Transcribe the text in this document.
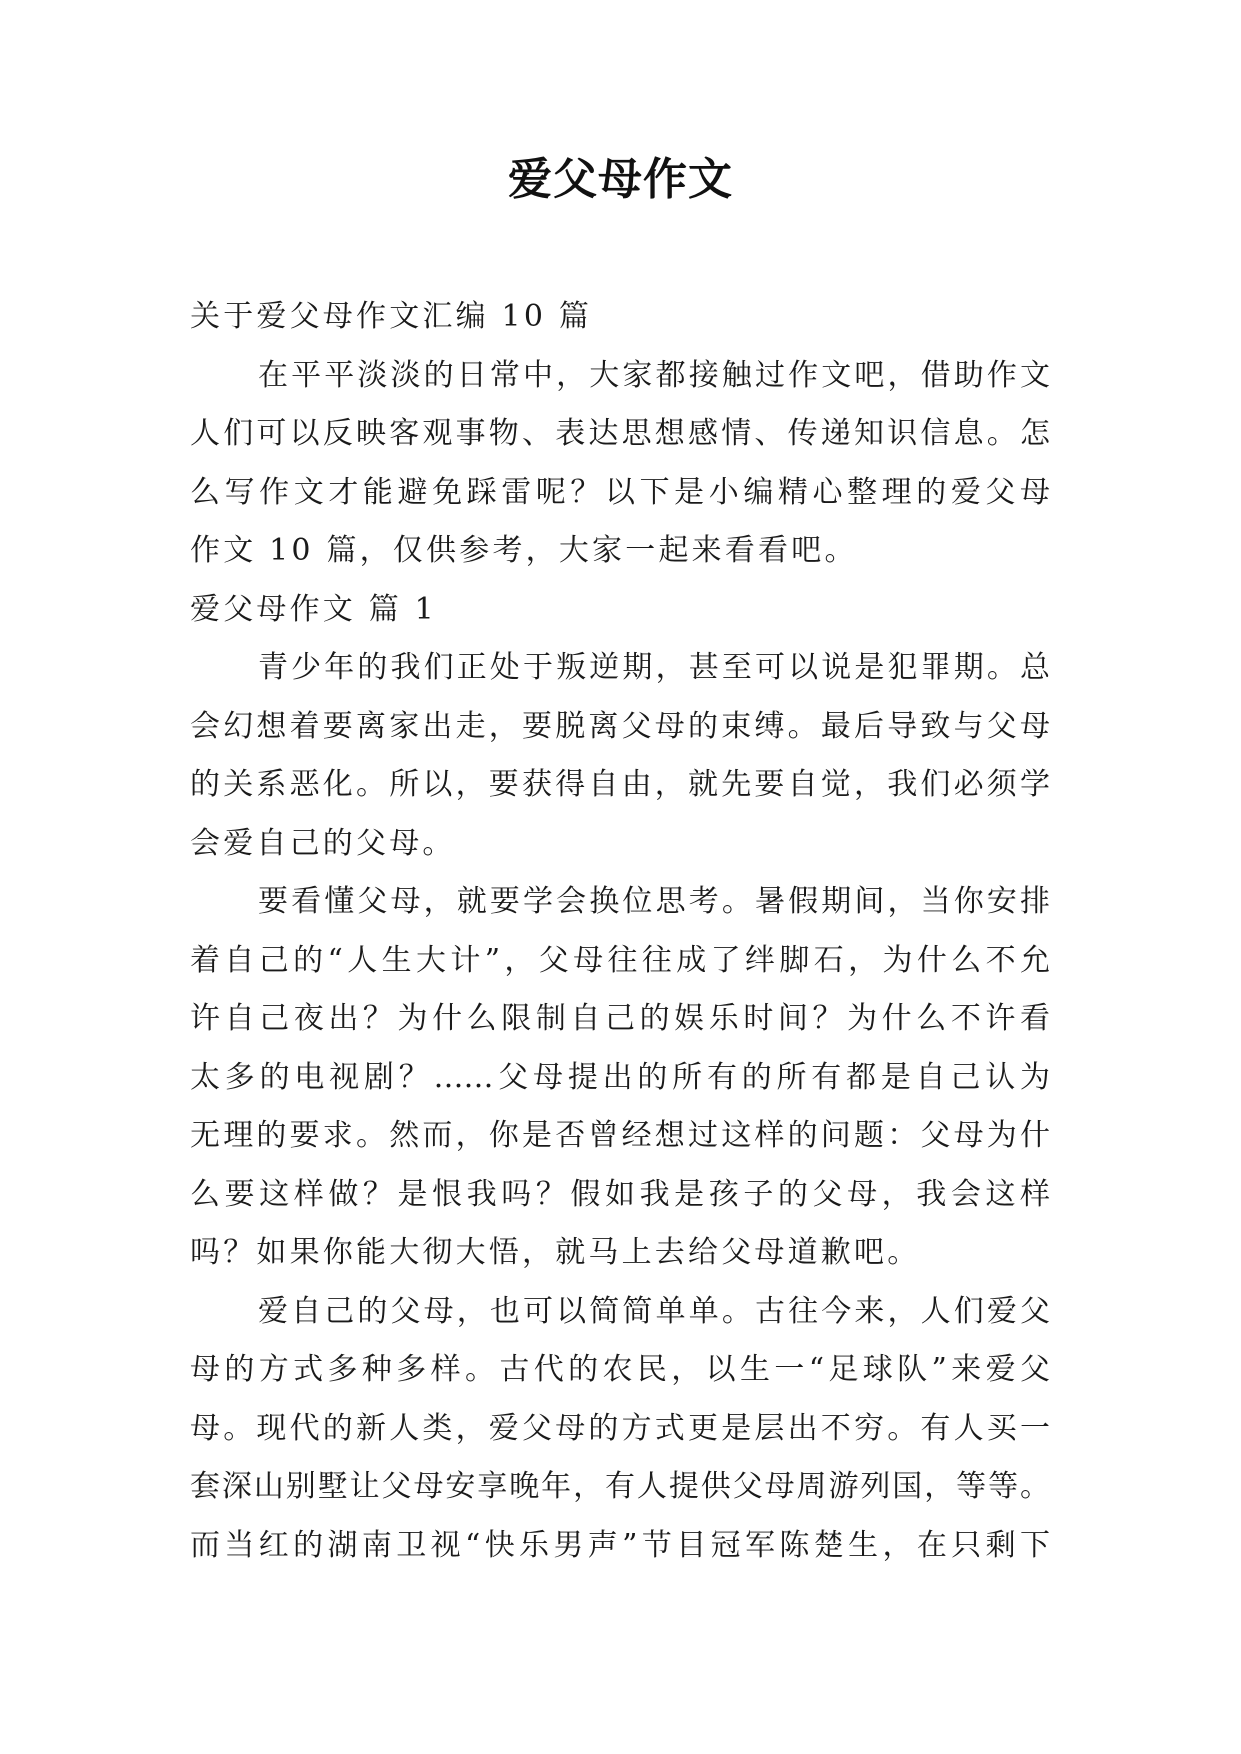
爱父母作文
关于爱父母作文汇编 10 篇
在平平淡淡的日常中，大家都接触过作文吧，借助作文
人们可以反映客观事物、表达思想感情、传递知识信息。怎
么写作文才能避免踩雷呢？以下是小编精心整理的爱父母
作文 10 篇，仅供参考，大家一起来看看吧。
爱父母作文 篇 1
青少年的我们正处于叛逆期，甚至可以说是犯罪期。总
会幻想着要离家出走，要脱离父母的束缚。最后导致与父母
的关系恶化。所以，要获得自由，就先要自觉，我们必须学
会爱自己的父母。
要看懂父母，就要学会换位思考。暑假期间，当你安排
着自己的“人生大计”，父母往往成了绊脚石，为什么不允
许自己夜出？为什么限制自己的娱乐时间？为什么不许看
太多的电视剧？……父母提出的所有的所有都是自己认为
无理的要求。然而，你是否曾经想过这样的问题：父母为什
么要这样做？是恨我吗？假如我是孩子的父母，我会这样
吗？如果你能大彻大悟，就马上去给父母道歉吧。
爱自己的父母，也可以简简单单。古往今来，人们爱父
母的方式多种多样。古代的农民，以生一“足球队”来爱父
母。现代的新人类，爱父母的方式更是层出不穷。有人买一
套深山别墅让父母安享晚年，有人提供父母周游列国，等等。
而当红的湖南卫视“快乐男声”节目冠军陈楚生，在只剩下
